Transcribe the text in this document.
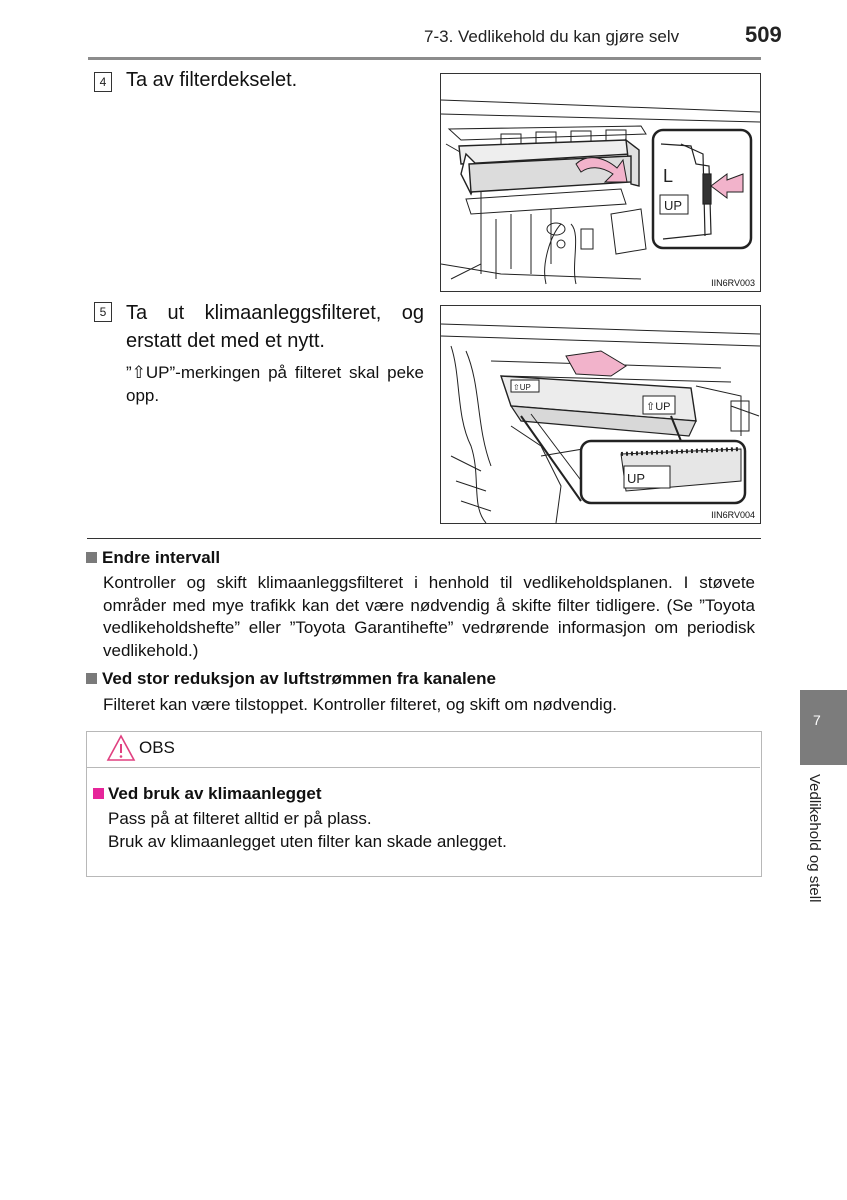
7-3. Vedlikehold du kan gjøre selv	509
4 Ta av filterdekselet.
L
UP
IIN6RV003
5 Ta ut klimaanleggsfilteret, og erstatt det med et nytt.
”⇧UP”-merkingen på filteret skal peke opp.	⇧UP
⇧UP
UP
IIN6RV004
Endre intervall
Kontroller og skift klimaanleggsfilteret i henhold til vedlikeholdsplanen. I støvete områder med mye trafikk kan det være nødvendig å skifte filter tidligere. (Se ”Toyota vedlikeholdshefte” eller ”Toyota Garantihefte” vedrørende informasjon om periodisk vedlikehold.)
Ved stor reduksjon av luftstrømmen fra kanalene
Filteret kan være tilstoppet. Kontroller filteret, og skift om nødvendig.
OBS
Ved bruk av klimaanlegget
Pass på at filteret alltid er på plass.
Bruk av klimaanlegget uten filter kan skade anlegget.
7
Vedlikehold og stell
